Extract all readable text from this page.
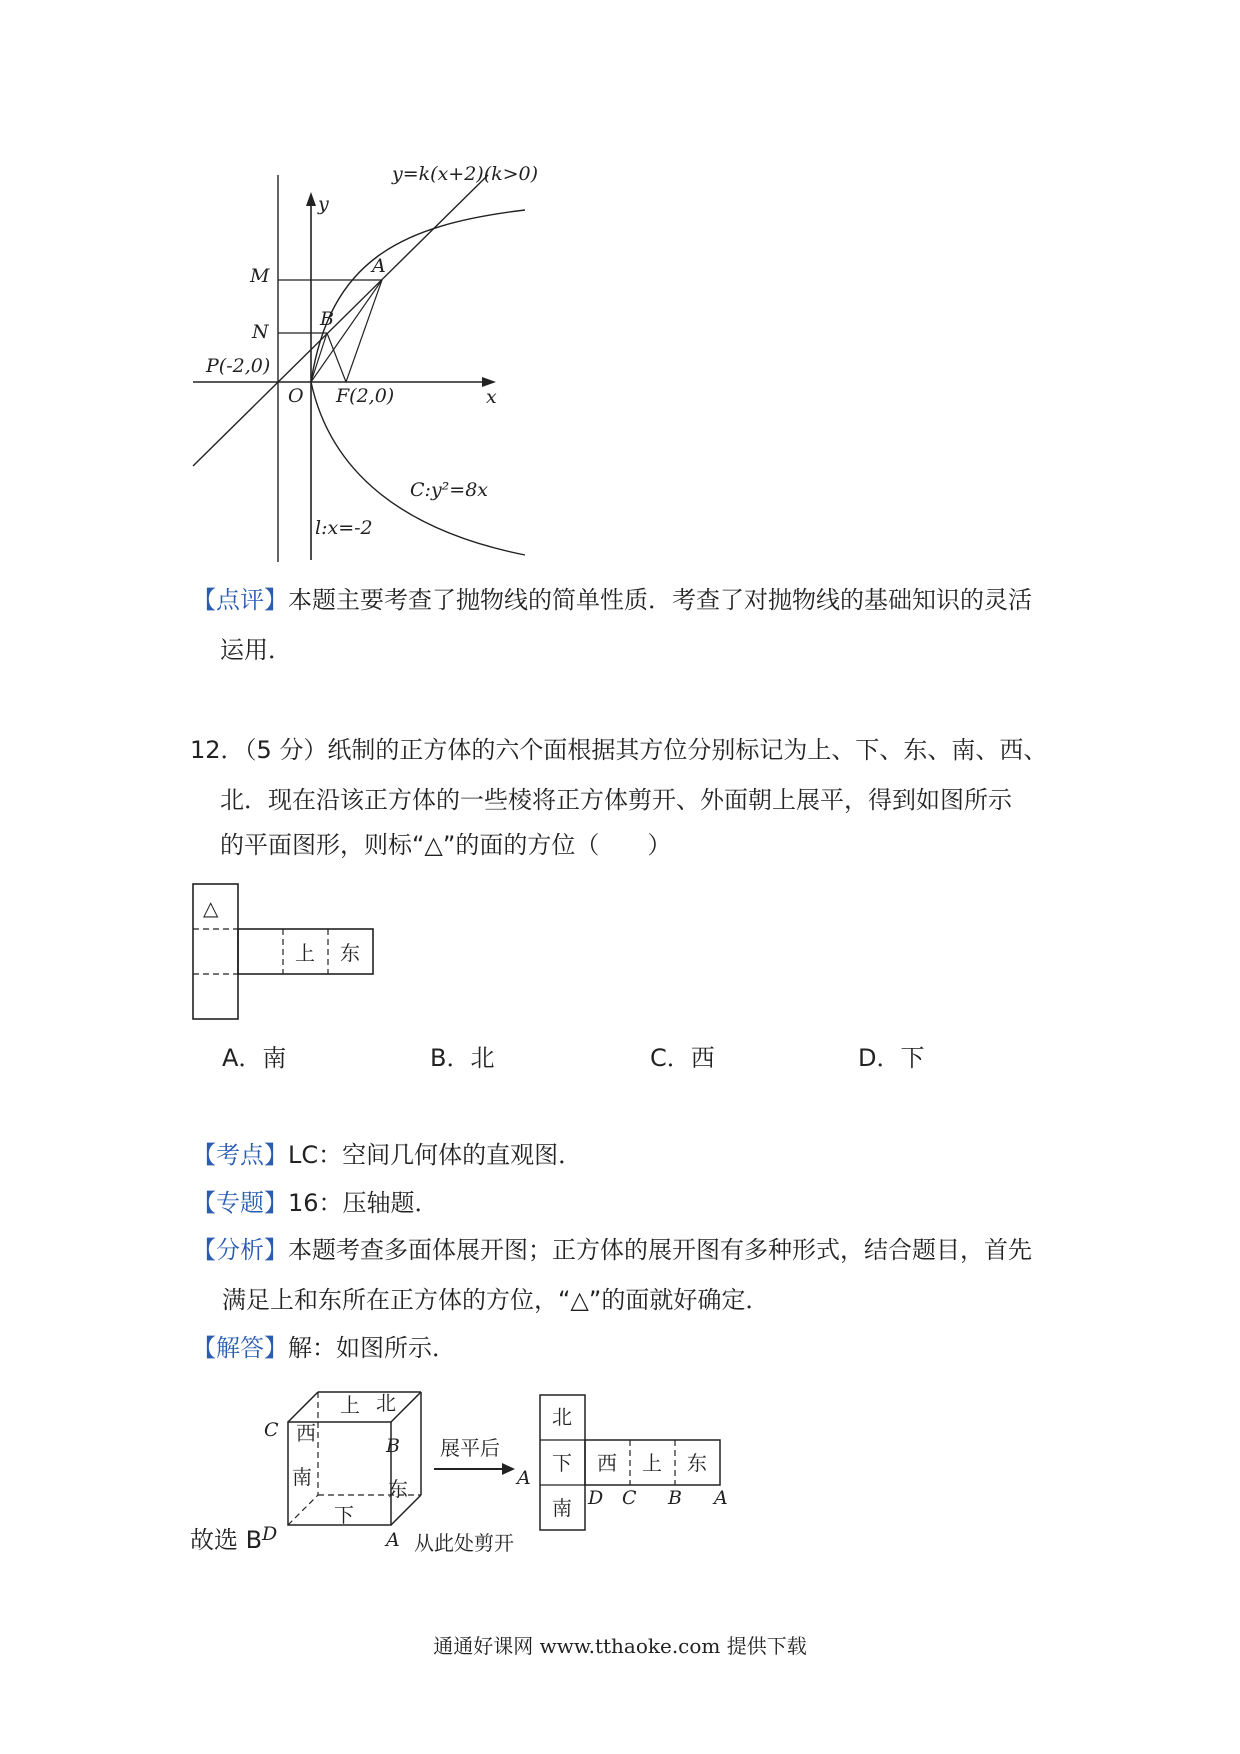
y=k(x+2)(k>0)
y
x
M	A
N
B
P(-2,0)
O F(2,0)
C:y²=8x
l:x=-2
【点评】本题主要考查了抛物线的简单性质．考查了对抛物线的基础知识的灵活
运用．
12．（5 分）纸制的正方体的六个面根据其方位分别标记为上、下、东、南、西、
北．现在沿该正方体的一些棱将正方体剪开、外面朝上展平，得到如图所示
的平面图形，则标“△”的面的方位（　　）
△
上 东
A．南	B．北	C．西	D．下
【考点】LC：空间几何体的直观图．
【专题】16：压轴题．
【分析】本题考查多面体展开图；正方体的展开图有多种形式，结合题目，首先
满足上和东所在正方体的方位，“△”的面就好确定．
【解答】解：如图所示．
C
D	A
B
西
上 北
南	东
下
展平后
从此处剪开
A
北
下 西 上 东
南 D C B A
故选 B
通通好课网 www.tthaoke.com 提供下载
